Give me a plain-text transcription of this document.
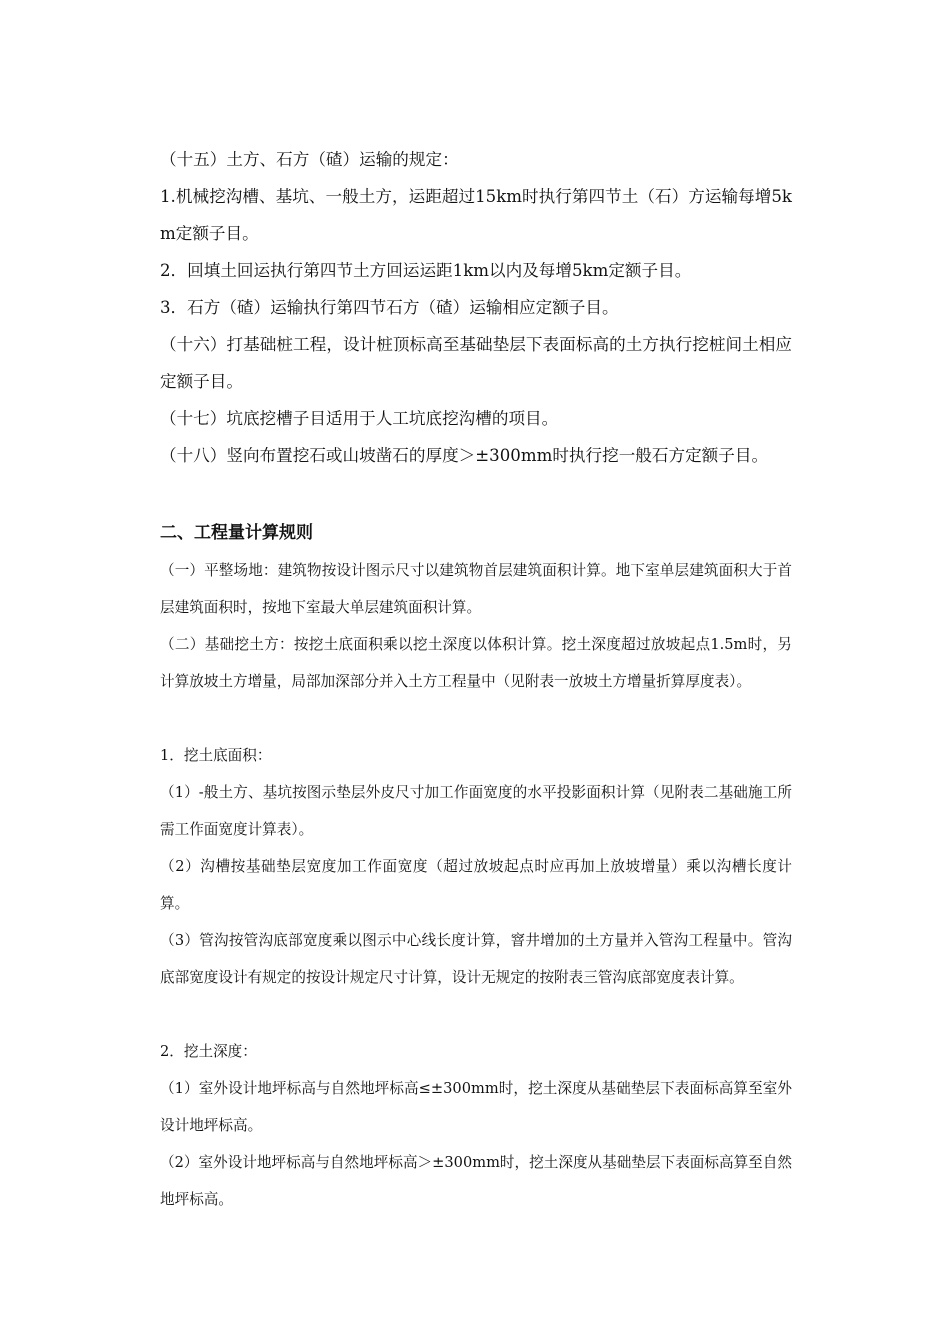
（十五）土方、石方（碴）运输的规定：

1.机械挖沟槽、基坑、一般土方，运距超过15km时执行第四节土（石）方运输每增5km定额子目。

2．回填土回运执行第四节土方回运运距1km以内及每增5km定额子目。

3．石方（碴）运输执行第四节石方（碴）运输相应定额子目。

（十六）打基础桩工程，设计桩顶标高至基础垫层下表面标高的土方执行挖桩间土相应定额子目。

（十七）坑底挖槽子目适用于人工坑底挖沟槽的项目。

（十八）竖向布置挖石或山坡凿石的厚度＞±300mm时执行挖一般石方定额子目。

二、工程量计算规则

（一）平整场地：建筑物按设计图示尺寸以建筑物首层建筑面积计算。地下室单层建筑面积大于首层建筑面积时，按地下室最大单层建筑面积计算。

（二）基础挖土方：按挖土底面积乘以挖土深度以体积计算。挖土深度超过放坡起点1.5m时，另计算放坡土方增量，局部加深部分并入土方工程量中（见附表一放坡土方增量折算厚度表）。

1．挖土底面积：

（1）-般土方、基坑按图示垫层外皮尺寸加工作面宽度的水平投影面积计算（见附表二基础施工所需工作面宽度计算表）。

（2）沟槽按基础垫层宽度加工作面宽度（超过放坡起点时应再加上放坡增量）乘以沟槽长度计算。

（3）管沟按管沟底部宽度乘以图示中心线长度计算，窨井增加的土方量并入管沟工程量中。管沟底部宽度设计有规定的按设计规定尺寸计算，设计无规定的按附表三管沟底部宽度表计算。

2．挖土深度：

（1）室外设计地坪标高与自然地坪标高≤±300mm时，挖土深度从基础垫层下表面标高算至室外设计地坪标高。

（2）室外设计地坪标高与自然地坪标高＞±300mm时，挖土深度从基础垫层下表面标高算至自然地坪标高。
